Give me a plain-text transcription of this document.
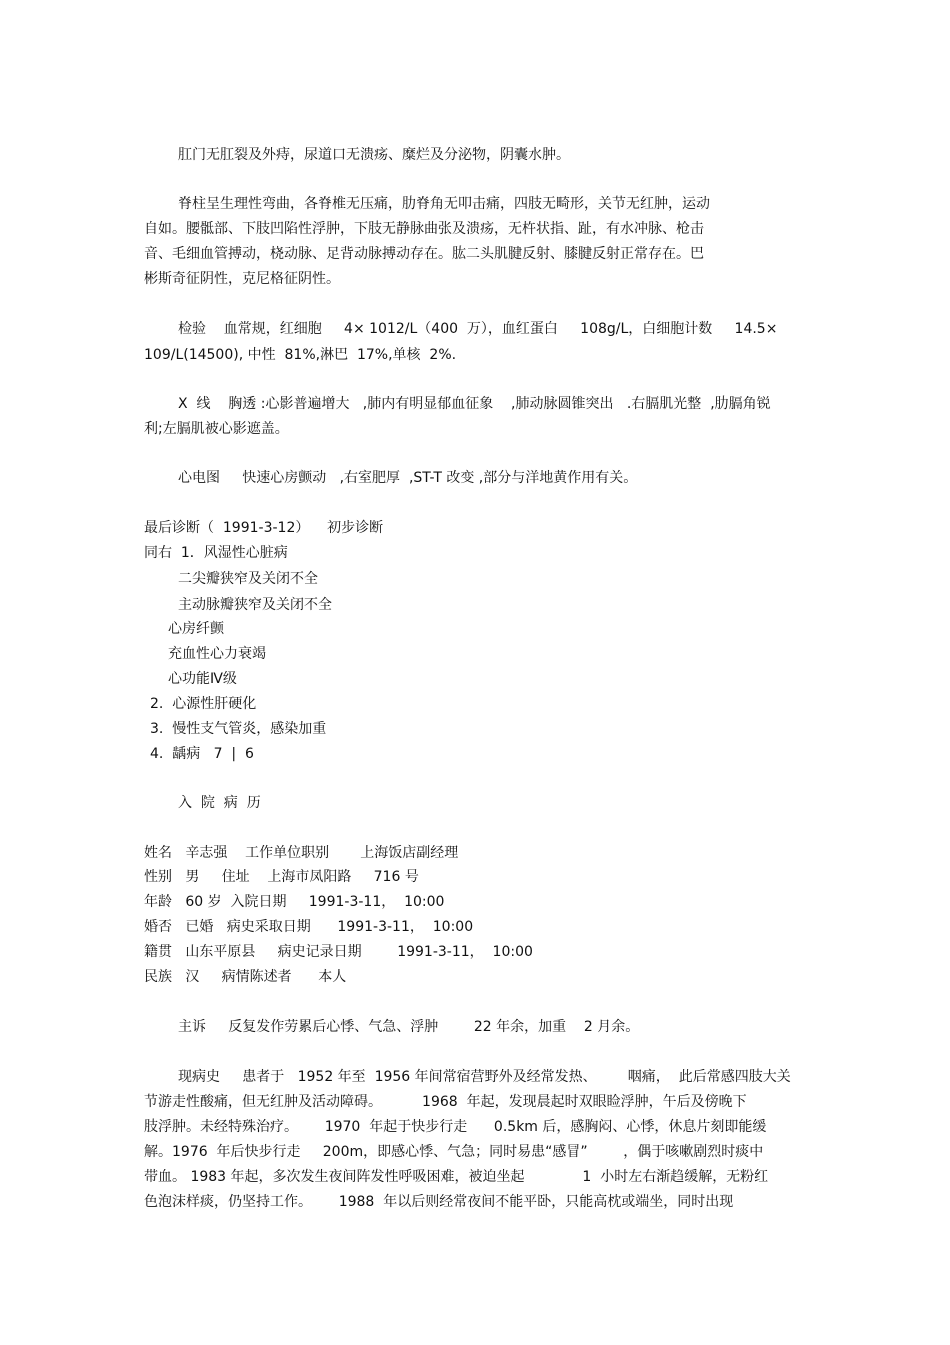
肛门无肛裂及外痔，尿道口无溃疡、糜烂及分泌物，阴囊水肿。

脊柱呈生理性弯曲，各脊椎无压痛，肋脊角无叩击痛，四肢无畸形，关节无红肿，运动

自如。腰骶部、下肢凹陷性浮肿，下肢无静脉曲张及溃疡，无杵状指、趾，有水冲脉、枪击

音、毛细血管搏动，桡动脉、足背动脉搏动存在。肱二头肌腱反射、膝腱反射正常存在。巴

彬斯奇征阴性，克尼格征阴性。

检验    血常规，红细胞     4× 1012/L（400  万），血红蛋白     108g/L，白细胞计数     14.5×

109/L(14500), 中性  81%,淋巴  17%,单核  2%.

X  线    胸透 :心影普遍增大   ,肺内有明显郁血征象    ,肺动脉圆锥突出   .右膈肌光整  ,肋膈角锐

利;左膈肌被心影遮盖。

心电图     快速心房颤动   ,右室肥厚  ,ST-T 改变 ,部分与洋地黄作用有关。

最后诊断（  1991-3-12）    初步诊断

同右  1．风湿性心脏病

二尖瓣狭窄及关闭不全

主动脉瓣狭窄及关闭不全

心房纤颤

充血性心力衰竭

心功能Ⅳ级

2.  心源性肝硬化

3.  慢性支气管炎，感染加重

4.  龋病   7  |  6

入  院  病  历

姓名   辛志强    工作单位职别       上海饭店副经理

性别   男     住址    上海市凤阳路     716 号

年龄   60 岁  入院日期     1991-3-11，  10:00

婚否   已婚   病史采取日期      1991-3-11，  10:00

籍贯   山东平原县     病史记录日期        1991-3-11，  10:00

民族   汉     病情陈述者      本人

主诉     反复发作劳累后心悸、气急、浮肿        22 年余，加重    2 月余。

现病史     患者于   1952 年至  1956 年间常宿营野外及经常发热、       咽痛，  此后常感四肢大关

节游走性酸痛，但无红肿及活动障碍。         1968  年起，发现晨起时双眼睑浮肿，午后及傍晚下

肢浮肿。未经特殊治疗。      1970  年起于快步行走      0.5km 后，感胸闷、心悸，休息片刻即能缓

解。1976  年后快步行走     200m，即感心悸、气急；同时易患“感冒”        ，偶于咳嗽剧烈时痰中

带血。 1983 年起，多次发生夜间阵发性呼吸困难，被迫坐起             1  小时左右渐趋缓解，无粉红

色泡沫样痰，仍坚持工作。      1988  年以后则经常夜间不能平卧，只能高枕或端坐，同时出现
